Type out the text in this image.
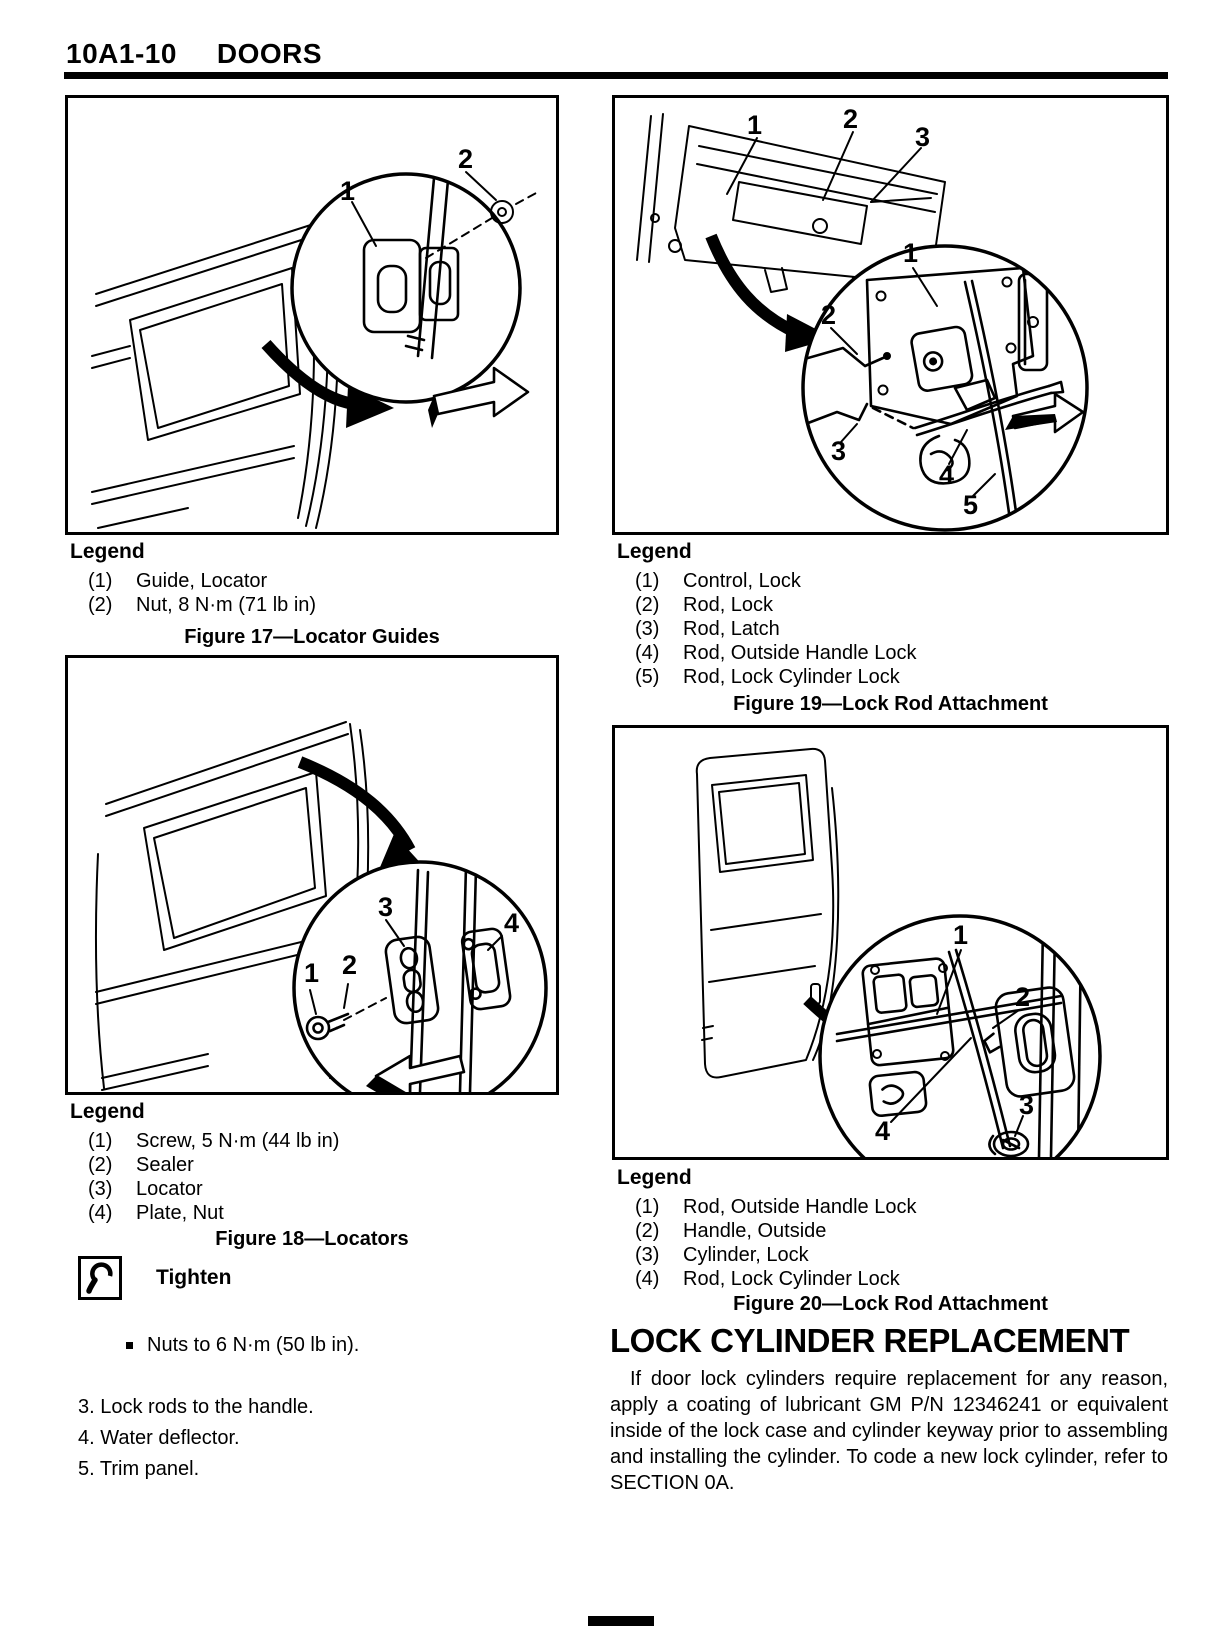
10A1-10 DOORS
1
2
Legend
(1)	Guide, Locator
(2)	Nut, 8 N·m (71 lb in)
Figure 17—Locator Guides
1	2
3
1
2
3
4
5
Legend
(1)	Control, Lock
(2)	Rod, Lock
(3)	Rod, Latch
(4)	Rod, Outside Handle Lock
(5)	Rod, Lock Cylinder Lock
Figure 19—Lock Rod Attachment
1 2
3
4
Legend
(1)	Screw, 5 N·m (44 lb in)
(2)	Sealer
(3)	Locator
(4)	Plate, Nut
Figure 18—Locators
Tighten
Nuts to 6 N·m (50 lb in).
3. Lock rods to the handle.
4. Water deflector.
5. Trim panel.
1
2
3
4
Legend
(1)	Rod, Outside Handle Lock
(2)	Handle, Outside
(3)	Cylinder, Lock
(4)	Rod, Lock Cylinder Lock
Figure 20—Lock Rod Attachment
LOCK CYLINDER REPLACEMENT
If door lock cylinders require replacement for any reason, apply a coating of lubricant GM P/N 12346241 or equivalent inside of the lock case and cylinder keyway prior to assembling and installing the cylinder. To code a new lock cylinder, refer to SECTION 0A.
